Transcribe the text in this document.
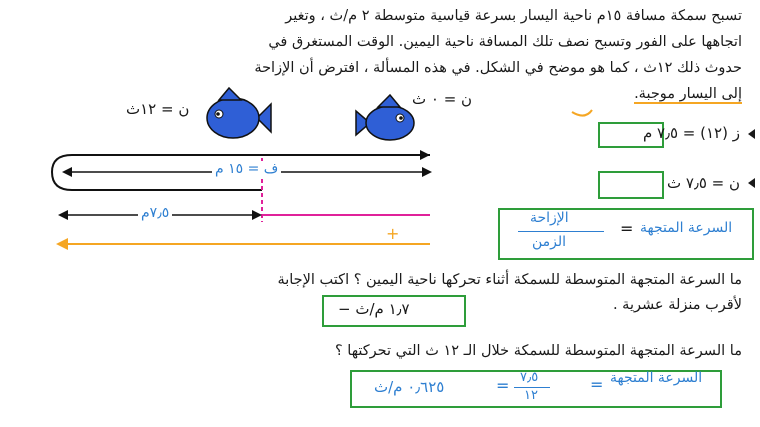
تسبح سمكة مسافة ١٥م ناحية اليسار بسرعة قياسية متوسطة ٢ م/ث ، وتغير
اتجاهها على الفور وتسبح نصف تلك المسافة ناحية اليمين. الوقت المستغرق في
حدوث ذلك ١٢ث ، كما هو موضح في الشكل. في هذه المسألة ، افترض أن الإزاحة
إلى اليسار موجبة.
ن = ٠ ث
ن = ١٢ث
ف = ١٥ م
٧٫٥م
+
ز (١٢) = ٧٫٥ م
ن = ٧٫٥ ث
السرعة المتجهة
=
الإزاحة
الزمن
ما السرعة المتجهة المتوسطة للسمكة أثناء تحركها ناحية اليمين ؟ اكتب الإجابة
لأقرب منزلة عشرية .
− ١٫٧ م/ث
ما السرعة المتجهة المتوسطة للسمكة خلال الـ ١٢ ث التي تحركتها ؟
السرعة المتجهة
=
٧٫٥
١٢
=
٠٫٦٢٥ م/ث
